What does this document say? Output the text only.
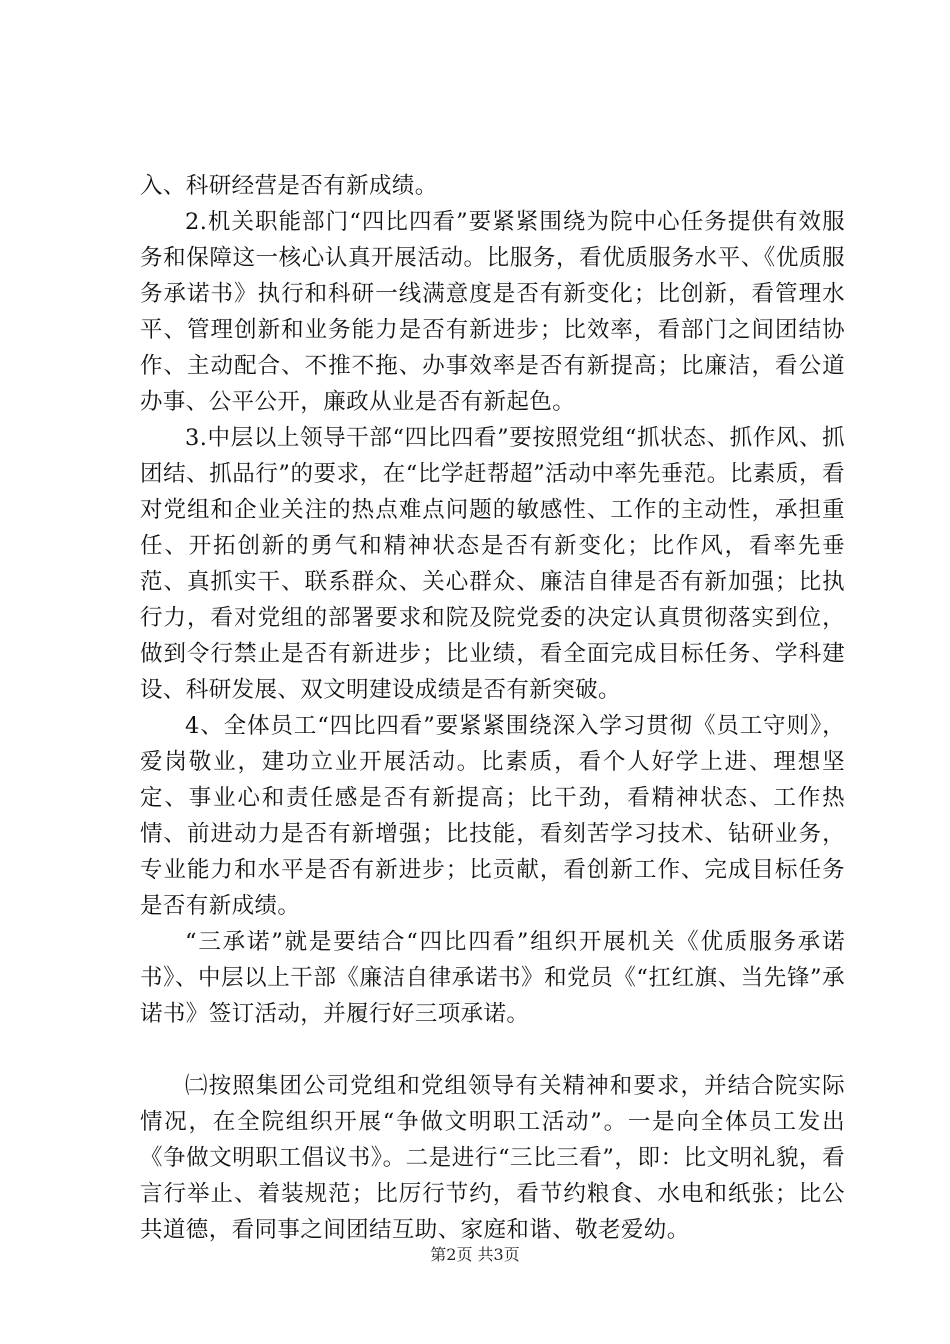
入、科研经营是否有新成绩。

2.机关职能部门“四比四看”要紧紧围绕为院中心任务提供有效服务和保障这一核心认真开展活动。比服务，看优质服务水平、《优质服务承诺书》执行和科研一线满意度是否有新变化；比创新，看管理水平、管理创新和业务能力是否有新进步；比效率，看部门之间团结协作、主动配合、不推不拖、办事效率是否有新提高；比廉洁，看公道办事、公平公开，廉政从业是否有新起色。

3.中层以上领导干部“四比四看”要按照党组“抓状态、抓作风、抓团结、抓品行”的要求，在“比学赶帮超”活动中率先垂范。比素质，看对党组和企业关注的热点难点问题的敏感性、工作的主动性，承担重任、开拓创新的勇气和精神状态是否有新变化；比作风，看率先垂范、真抓实干、联系群众、关心群众、廉洁自律是否有新加强；比执行力，看对党组的部署要求和院及院党委的决定认真贯彻落实到位，做到令行禁止是否有新进步；比业绩，看全面完成目标任务、学科建设、科研发展、双文明建设成绩是否有新突破。

4、全体员工“四比四看”要紧紧围绕深入学习贯彻《员工守则》，爱岗敬业，建功立业开展活动。比素质，看个人好学上进、理想坚定、事业心和责任感是否有新提高；比干劲，看精神状态、工作热情、前进动力是否有新增强；比技能，看刻苦学习技术、钻研业务，专业能力和水平是否有新进步；比贡献，看创新工作、完成目标任务是否有新成绩。

“三承诺”就是要结合“四比四看”组织开展机关《优质服务承诺书》、中层以上干部《廉洁自律承诺书》和党员《“扛红旗、当先锋”承诺书》签订活动，并履行好三项承诺。

㈡按照集团公司党组和党组领导有关精神和要求，并结合院实际情况，在全院组织开展“争做文明职工活动”。一是向全体员工发出《争做文明职工倡议书》。二是进行“三比三看”，即：比文明礼貌，看言行举止、着装规范；比厉行节约，看节约粮食、水电和纸张；比公共道德，看同事之间团结互助、家庭和谐、敬老爱幼。

第2页 共3页
